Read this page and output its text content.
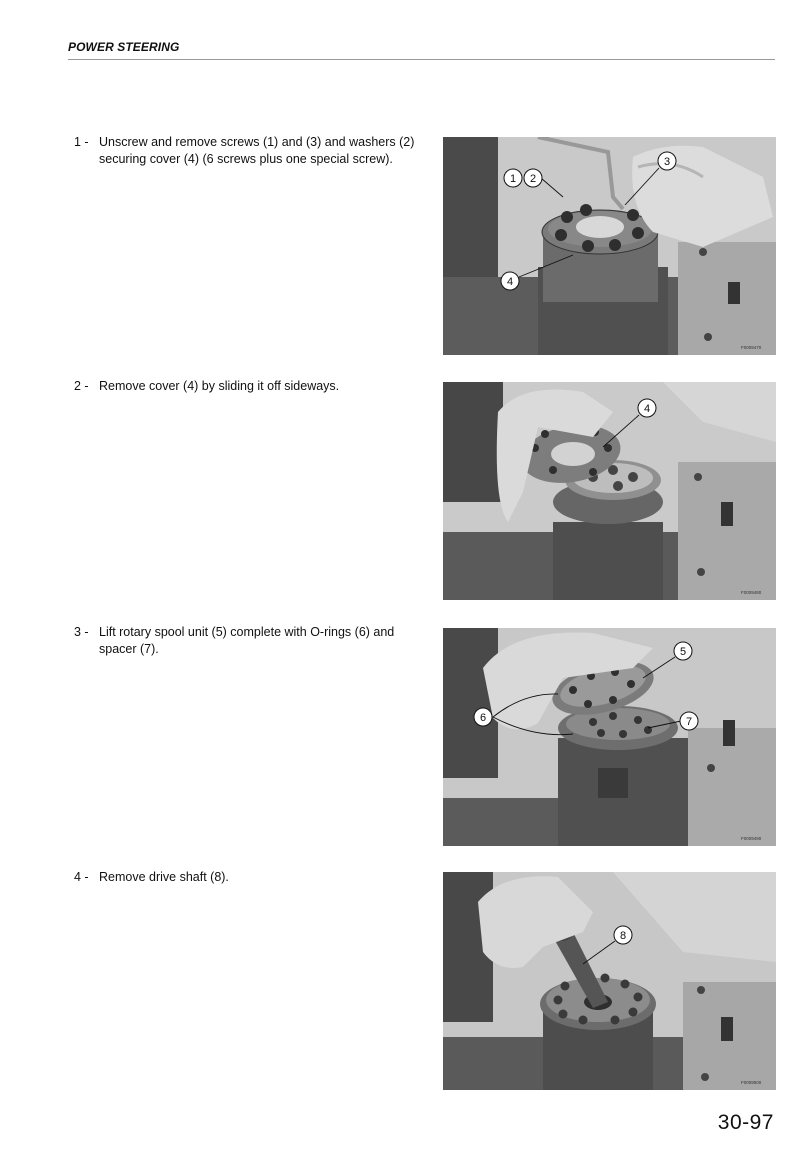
POWER STEERING
1 - Unscrew and remove screws (1) and (3) and washers (2) securing cover (4) (6 screws plus one special screw).
F0009470
1 2
3
4
2 - Remove cover (4) by sliding it off sideways.
F0009480
4
3 - Lift rotary spool unit (5) complete with O-rings (6) and spacer (7).
F0009490
5
6	7
4 - Remove drive shaft (8).
F0009500
8
30-97
